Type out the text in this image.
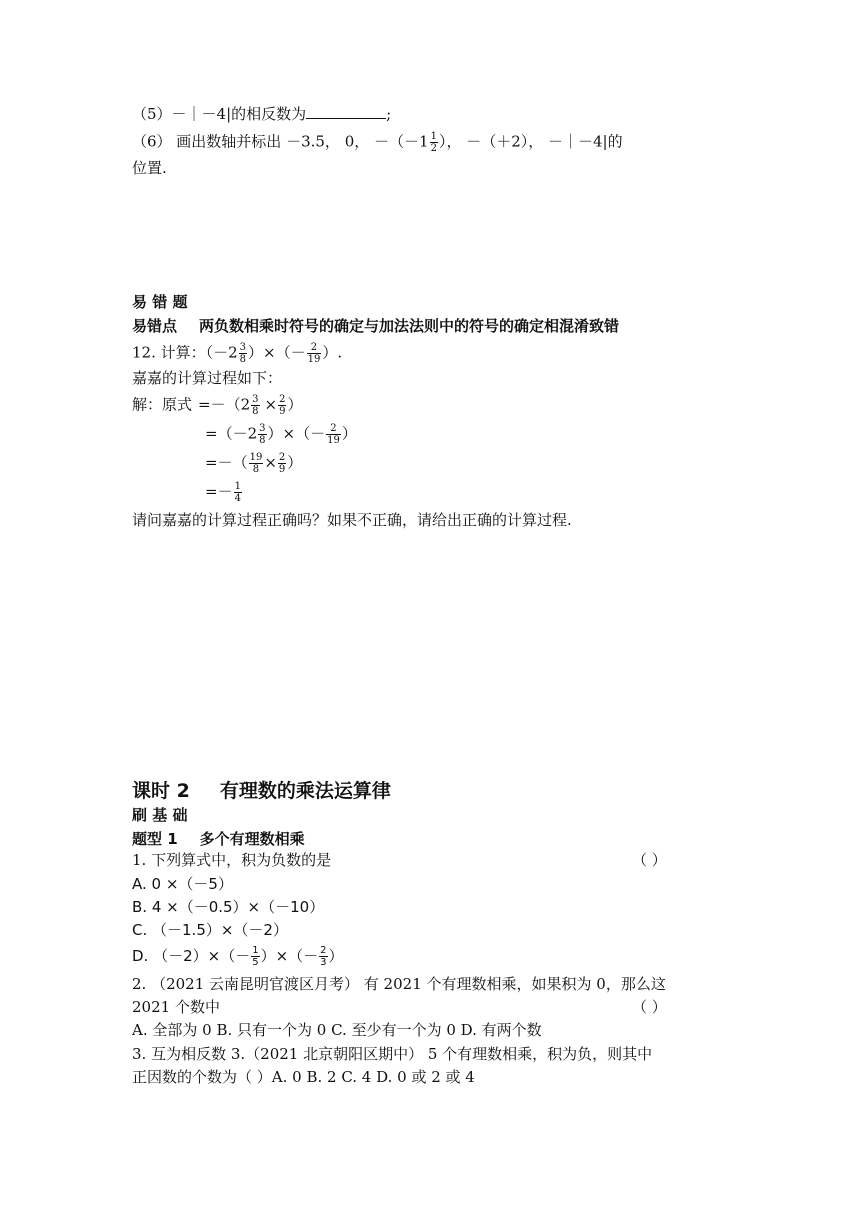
（5）－｜－4|的相反数为	;
（6） 画出数轴并标出 －3.5， 0， $-(-1 \frac{1}{2}$ ）， －（＋2）， －｜－4|的
位置.
易 错 题
易错点 两负数相乘时符号的确定与加法法则中的符号的确定相混淆致错
12. 计算：（$-2 \frac{3}{8}$ ）×（－ $\frac{2}{19}$ ）.
嘉嘉的计算过程如下：
解：原式 $=-(2 \frac{3}{8} \times \frac{2}{9}$ ）
$=(-2 \frac{3}{8}$ ）×（－ $\frac{2}{19}$ ）
=－（ $\frac{19}{8} \times \frac{2}{9}$ ）
=－ $\frac{1}{4}$
请问嘉嘉的计算过程正确吗？如果不正确，请给出正确的计算过程.
课时 2 有理数的乘法运算律
刷 基 础
题型 1 多个有理数相乘
1. 下列算式中，积为负数的是	（ ）
A. 0 ×（－5）
B. 4 ×（－0.5）×（－10）
C. （－1.5）×（－2）
D. $(-2)\times(- \frac{1}{5}$ ）×（－ $\frac{2}{3}$ ）
2. （2021 云南昆明官渡区月考） 有 2021 个有理数相乘，如果积为 0，那么这
2021 个数中	（ ）
A. 全部为 0 B. 只有一个为 0 C. 至少有一个为 0 D. 有两个数
3. 互为相反数 3.（2021 北京朝阳区期中） 5 个有理数相乘，积为负，则其中
正因数的个数为（ ）A. 0 B. 2 C. 4 D. 0 或 2 或 4
